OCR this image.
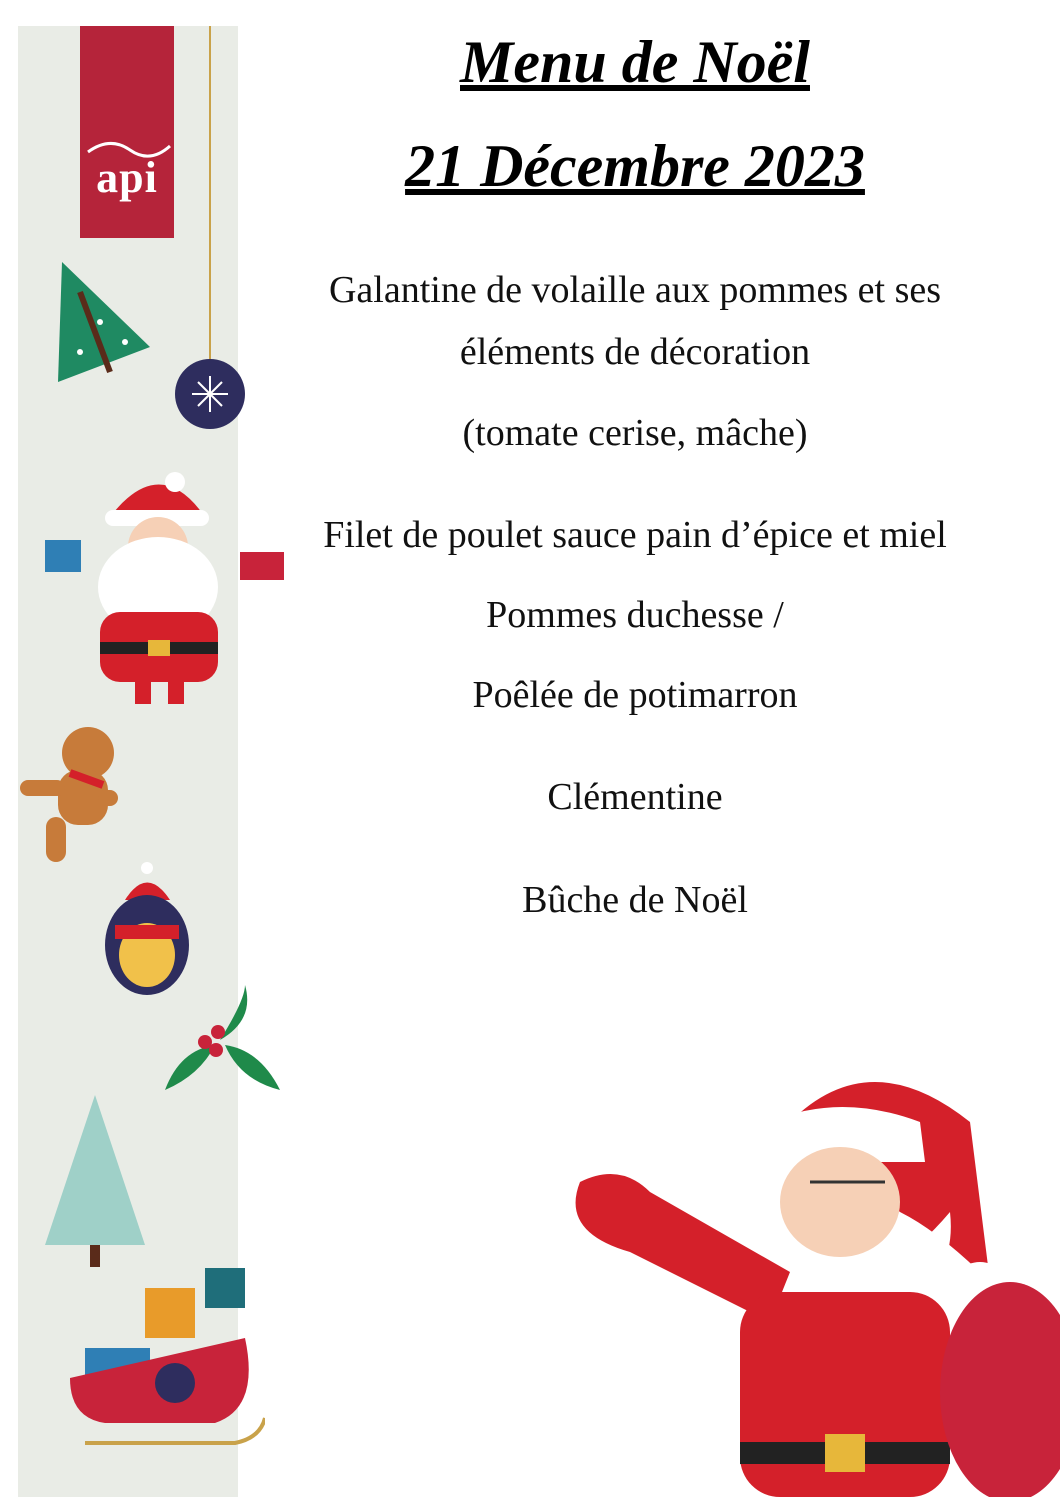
api
Menu de Noël
21 Décembre 2023

Galantine de volaille aux pommes et ses

éléments de décoration

(tomate cerise, mâche)

Filet de poulet sauce pain d’épice et miel

Pommes duchesse /

Poêlée de potimarron

Clémentine

Bûche de Noël
